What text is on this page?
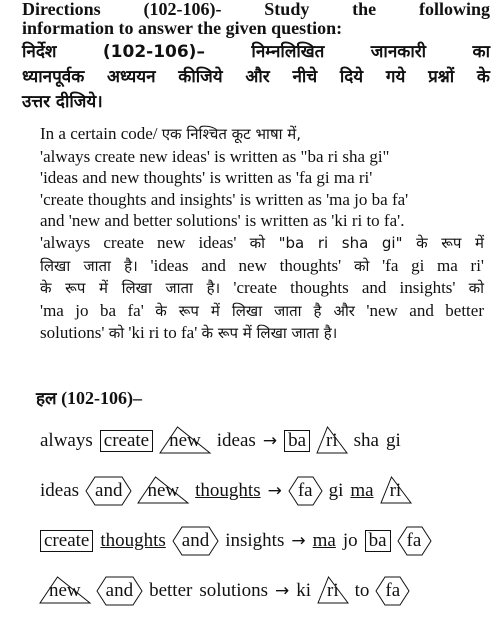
Directions (102-106)- Study the following
information to answer the given question:
निर्देश (102-106)– निम्नलिखित जानकारी का
ध्यानपूर्वक अध्ययन कीजिये और नीचे दिये गये प्रश्नों के
उत्तर दीजिये।
In a certain code/ एक निश्चित कूट भाषा में,
'always create new ideas' is written as "ba ri sha gi"
'ideas and new thoughts' is written as 'fa gi ma ri'
'create thoughts and insights' is written as 'ma jo ba fa'
and 'new and better solutions' is written as 'ki ri to fa'.
'always create new ideas' को "ba ri sha gi" के रूप में
लिखा जाता है। 'ideas and new thoughts' को 'fa gi ma ri'
के रूप में लिखा जाता है। 'create thoughts and insights' को
'ma jo ba fa' के रूप में लिखा जाता है और 'new and better
solutions' को 'ki ri to fa' के रूप में लिखा जाता है।
हल (102-106)–
always create	new ideas → ba	ri sha gi
ideas and	new thoughts → fa gi ma ri
create thoughts and insights → ma jo ba	fa
new	and better solutions → ki ri to fa
